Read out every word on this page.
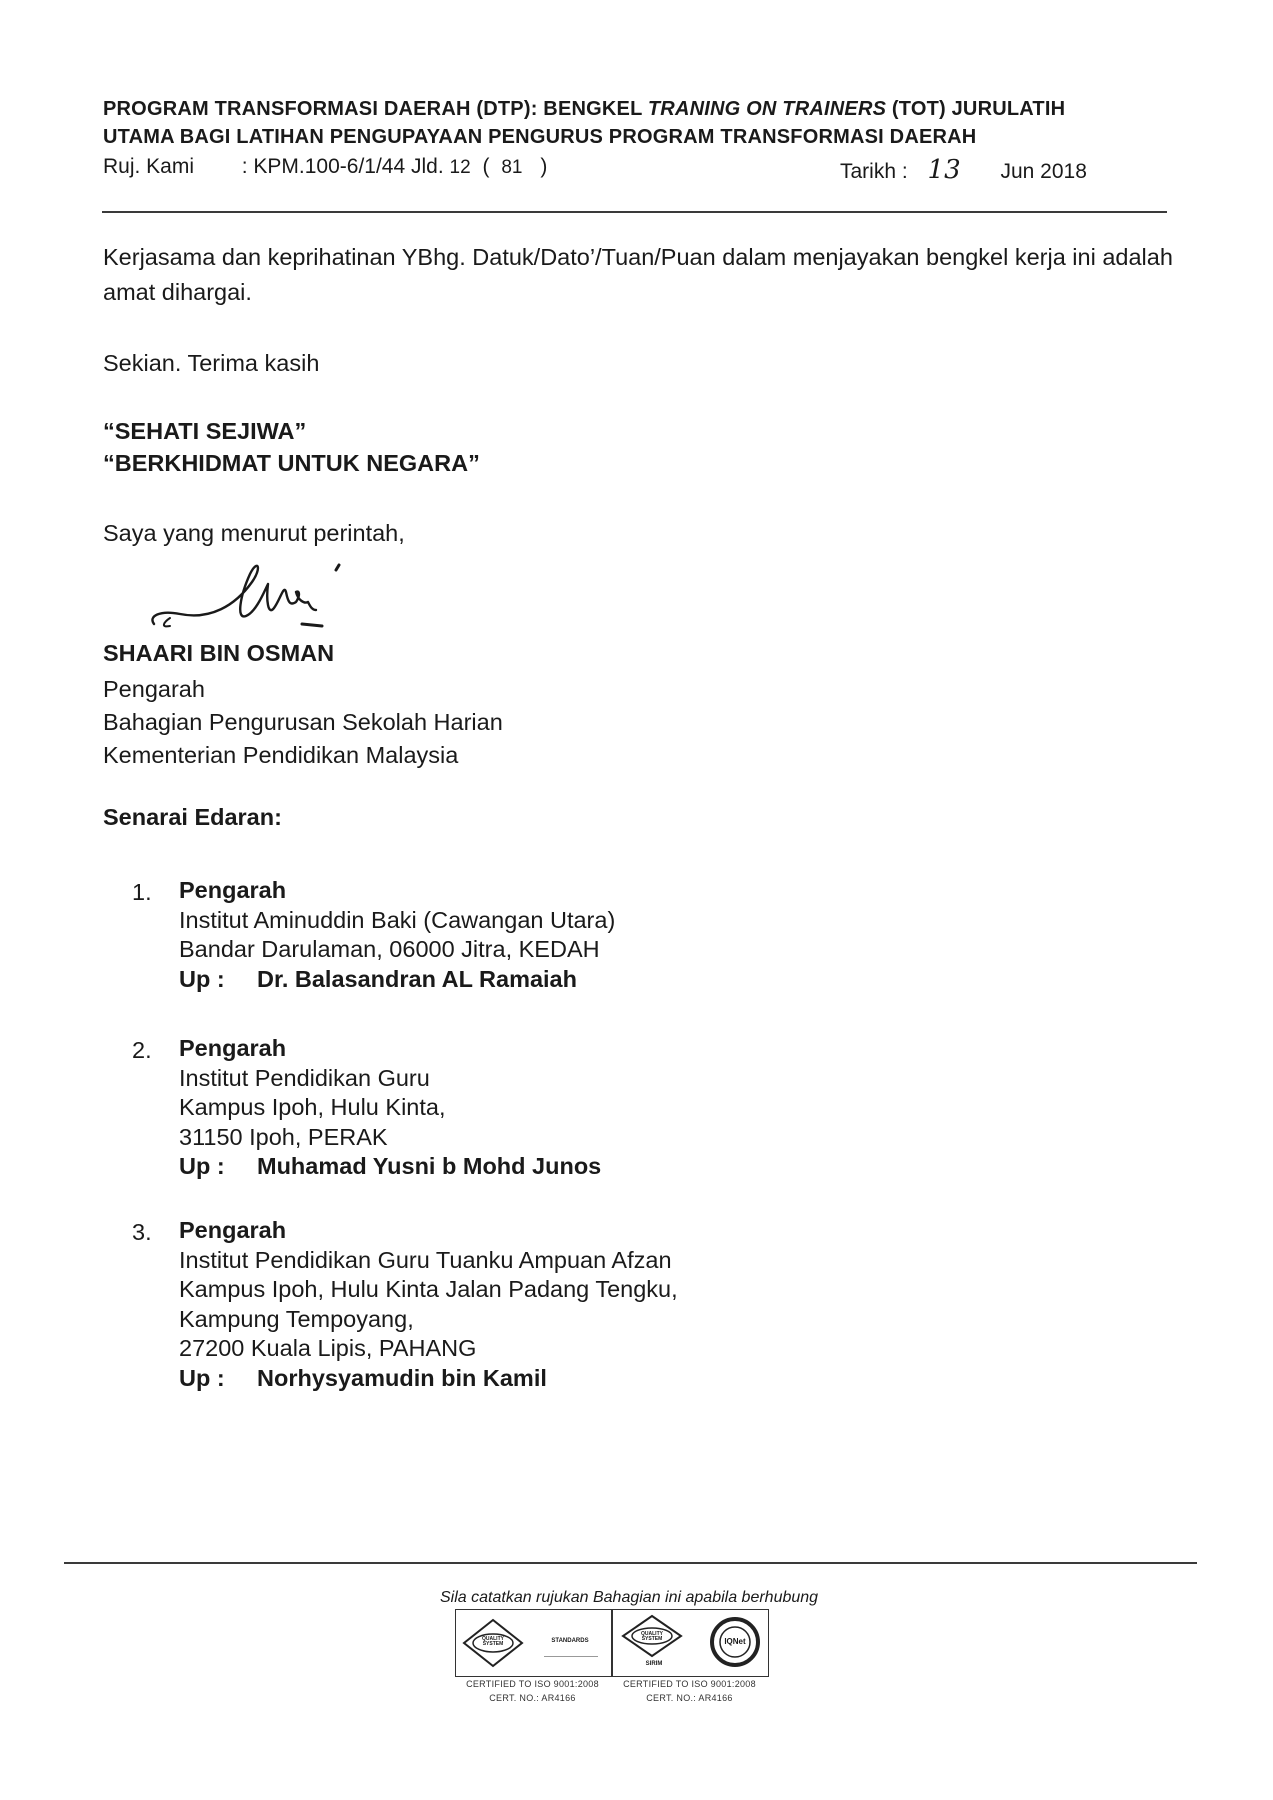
PROGRAM TRANSFORMASI DAERAH (DTP): BENGKEL TRANING ON TRAINERS (TOT) JURULATIH
UTAMA BAGI LATIHAN PENGUPAYAAN PENGURUS PROGRAM TRANSFORMASI DAERAH
Ruj. Kami : KPM.100-6/1/44 Jld. 12 ( 81 )	Tarikh : 13 Jun 2018
Kerjasama dan keprihatinan YBhg. Datuk/Dato’/Tuan/Puan dalam menjayakan bengkel kerja ini adalah amat dihargai.
Sekian. Terima kasih
“SEHATI SEJIWA”
“BERKHIDMAT UNTUK NEGARA”
Saya yang menurut perintah,
SHAARI BIN OSMAN
Pengarah
Bahagian Pengurusan Sekolah Harian
Kementerian Pendidikan Malaysia
Senarai Edaran:
1. Pengarah
Institut Aminuddin Baki (Cawangan Utara)
Bandar Darulaman, 06000 Jitra, KEDAH
Up : Dr. Balasandran AL Ramaiah
2. Pengarah
Institut Pendidikan Guru
Kampus Ipoh, Hulu Kinta,
31150 Ipoh, PERAK
Up : Muhamad Yusni b Mohd Junos
3. Pengarah
Institut Pendidikan Guru Tuanku Ampuan Afzan
Kampus Ipoh, Hulu Kinta Jalan Padang Tengku,
Kampung Tempoyang,
27200 Kuala Lipis, PAHANG
Up : Norhysyamudin bin Kamil
Sila catatkan rujukan Bahagian ini apabila berhubung
QUALITY SYSTEM	STANDARDS
QUALITY SYSTEM
SIRIM
IQNet
CERTIFIED TO ISO 9001:2008
CERT. NO.: AR4166
CERTIFIED TO ISO 9001:2008
CERT. NO.: AR4166
